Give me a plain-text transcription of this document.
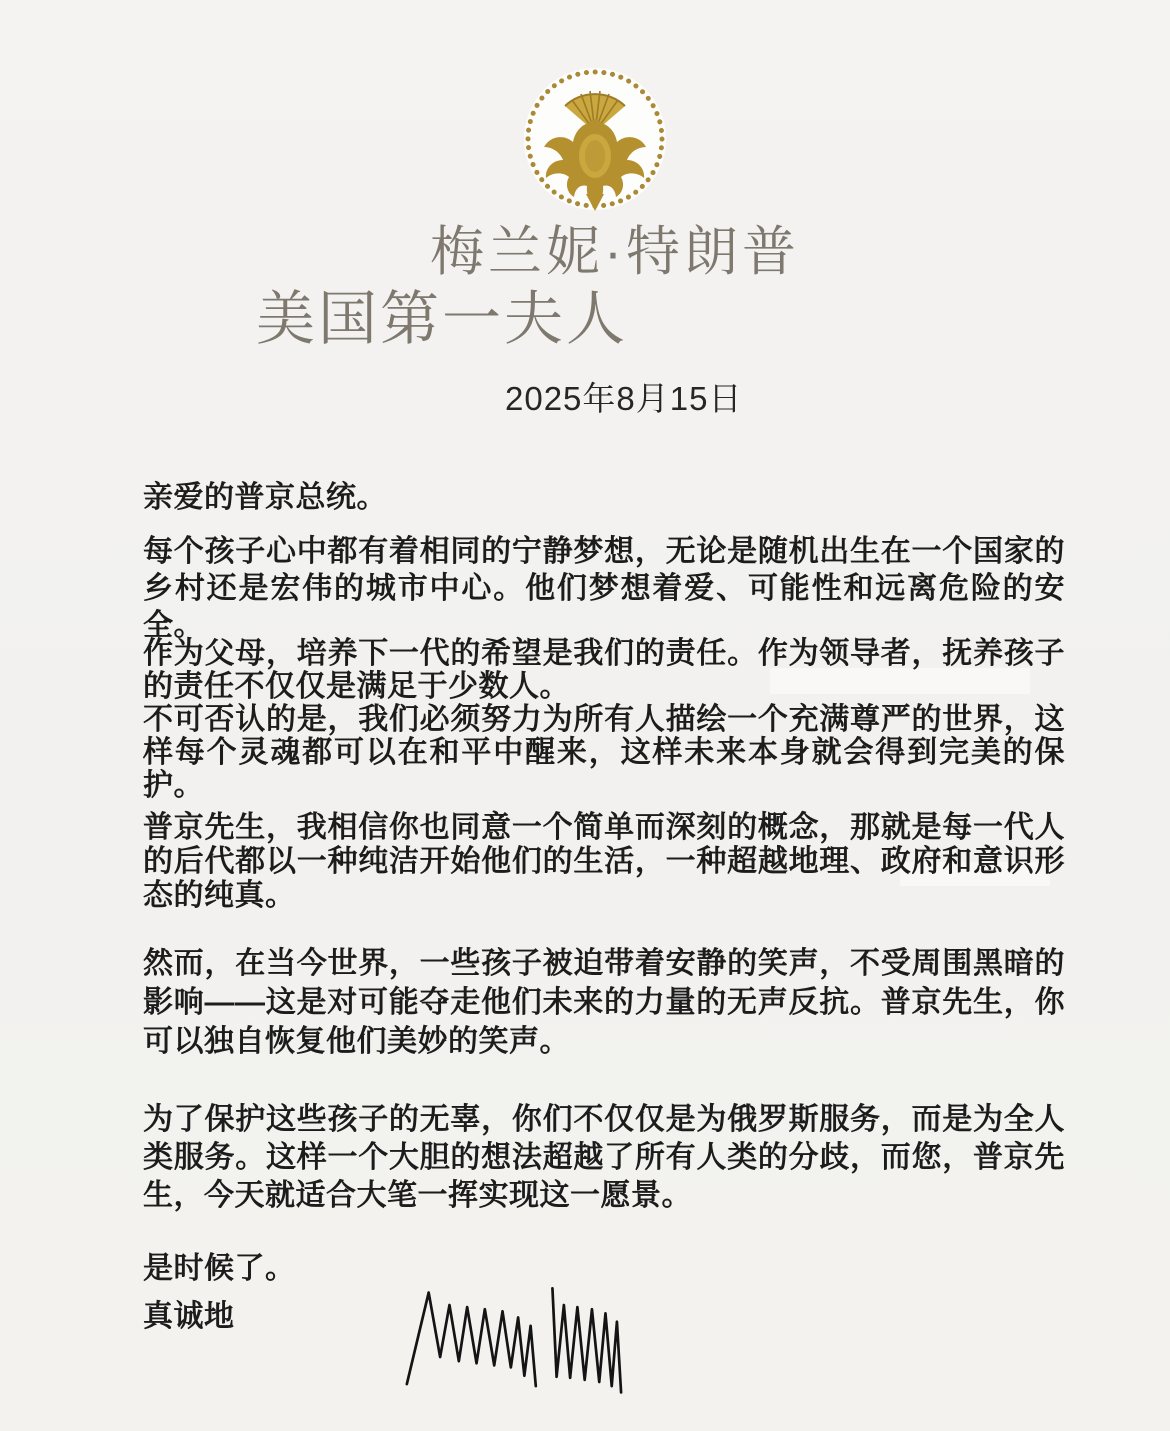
梅兰妮·特朗普
美国第一夫人
2025年8月15日
亲爱的普京总统。
每个孩子心中都有着相同的宁静梦想，无论是随机出生在一个国家的乡村还是宏伟的城市中心。他们梦想着爱、可能性和远离危险的安全。
作为父母，培养下一代的希望是我们的责任。作为领导者，抚养孩子的责任不仅仅是满足于少数人。
不可否认的是，我们必须努力为所有人描绘一个充满尊严的世界，这样每个灵魂都可以在和平中醒来，这样未来本身就会得到完美的保护。
普京先生，我相信你也同意一个简单而深刻的概念，那就是每一代人的后代都以一种纯洁开始他们的生活，一种超越地理、政府和意识形态的纯真。
然而，在当今世界，一些孩子被迫带着安静的笑声，不受周围黑暗的影响——这是对可能夺走他们未来的力量的无声反抗。普京先生，你可以独自恢复他们美妙的笑声。
为了保护这些孩子的无辜，你们不仅仅是为俄罗斯服务，而是为全人类服务。这样一个大胆的想法超越了所有人类的分歧，而您，普京先生，今天就适合大笔一挥实现这一愿景。
是时候了。
真诚地
